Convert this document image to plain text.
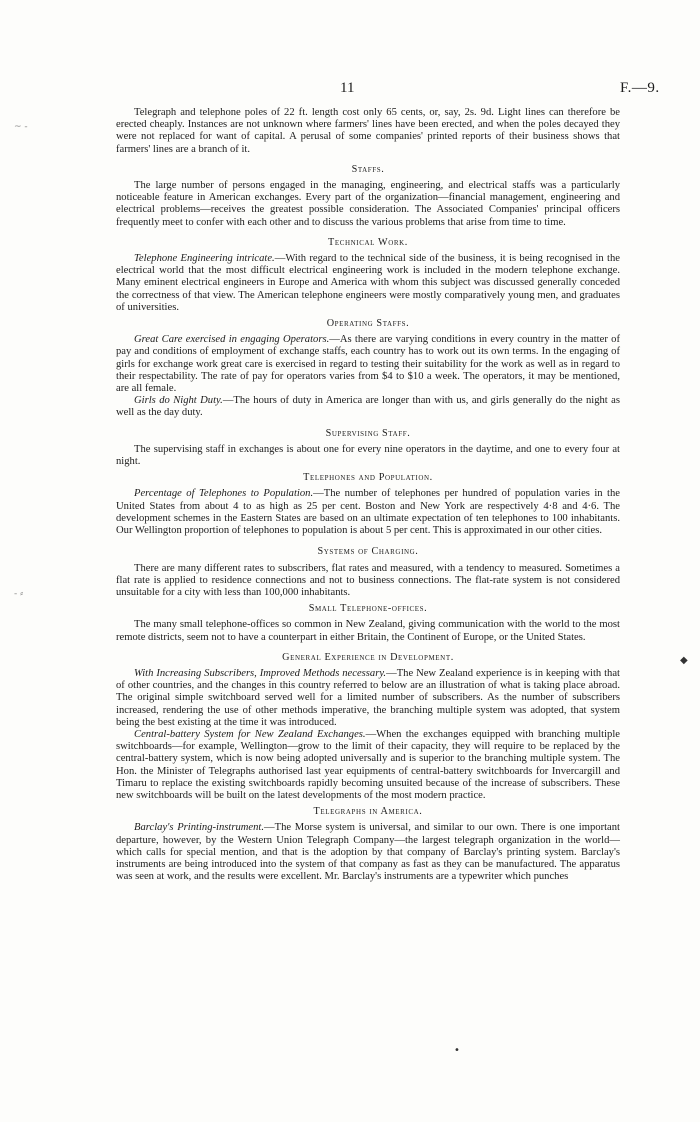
11	F.—9.
~ ‑
- ⸗
◆
•

Telegraph and telephone poles of 22 ft. length cost only 65 cents, or, say, 2s. 9d. Light lines can therefore be erected cheaply. Instances are not unknown where farmers' lines have been erected, and when the poles decayed they were not replaced for want of capital. A perusal of some companies' printed reports of their business shows that farmers' lines are a branch of it.

Staffs.

The large number of persons engaged in the managing, engineering, and electrical staffs was a particularly noticeable feature in American exchanges. Every part of the organization—financial management, engineering and electrical problems—receives the greatest possible consideration. The Associated Companies' principal officers frequently meet to confer with each other and to discuss the various problems that arise from time to time.

Technical Work.

Telephone Engineering intricate.—With regard to the technical side of the business, it is being recognised in the electrical world that the most difficult electrical engineering work is included in the modern telephone exchange. Many eminent electrical engineers in Europe and America with whom this subject was discussed generally conceded the correctness of that view. The American telephone engineers were mostly comparatively young men, and graduates of universities.

Operating Staffs.

Great Care exercised in engaging Operators.—As there are varying conditions in every country in the matter of pay and conditions of employment of exchange staffs, each country has to work out its own terms. In the engaging of girls for exchange work great care is exercised in regard to testing their suitability for the work as well as in regard to their respectability. The rate of pay for operators varies from $4 to $10 a week. The operators, it may be mentioned, are all female.

Girls do Night Duty.—The hours of duty in America are longer than with us, and girls generally do the night as well as the day duty.

Supervising Staff.

The supervising staff in exchanges is about one for every nine operators in the daytime, and one to every four at night.

Telephones and Population.

Percentage of Telephones to Population.—The number of telephones per hundred of population varies in the United States from about 4 to as high as 25 per cent. Boston and New York are respectively 4·8 and 4·6. The development schemes in the Eastern States are based on an ultimate expectation of ten telephones to 100 inhabitants. Our Wellington proportion of telephones to population is about 5 per cent. This is approximated in our other cities.

Systems of Charging.

There are many different rates to subscribers, flat rates and measured, with a tendency to measured. Sometimes a flat rate is applied to residence connections and not to business connections. The flat-rate system is not considered unsuitable for a city with less than 100,000 inhabitants.

Small Telephone-offices.

The many small telephone-offices so common in New Zealand, giving communication with the world to the most remote districts, seem not to have a counterpart in either Britain, the Continent of Europe, or the United States.

General Experience in Development.

With Increasing Subscribers, Improved Methods necessary.—The New Zealand experience is in keeping with that of other countries, and the changes in this country referred to below are an illustration of what is taking place abroad. The original simple switchboard served well for a limited number of subscribers. As the number of subscribers increased, rendering the use of other methods imperative, the branching multiple system was adopted, that system being the best existing at the time it was introduced.

Central-battery System for New Zealand Exchanges.—When the exchanges equipped with branching multiple switchboards—for example, Wellington—grow to the limit of their capacity, they will require to be replaced by the central-battery system, which is now being adopted universally and is superior to the branching multiple system. The Hon. the Minister of Telegraphs authorised last year equipments of central-battery switchboards for Invercargill and Timaru to replace the existing switchboards rapidly becoming unsuited because of the increase of subscribers. These new switchboards will be built on the latest developments of the most modern practice.

Telegraphs in America.

Barclay's Printing-instrument.—The Morse system is universal, and similar to our own. There is one important departure, however, by the Western Union Telegraph Company—the largest telegraph organization in the world—which calls for special mention, and that is the adoption by that company of Barclay's printing system. Barclay's instruments are being introduced into the system of that company as fast as they can be manufactured. The apparatus was seen at work, and the results were excellent. Mr. Barclay's instruments are a typewriter which punches
